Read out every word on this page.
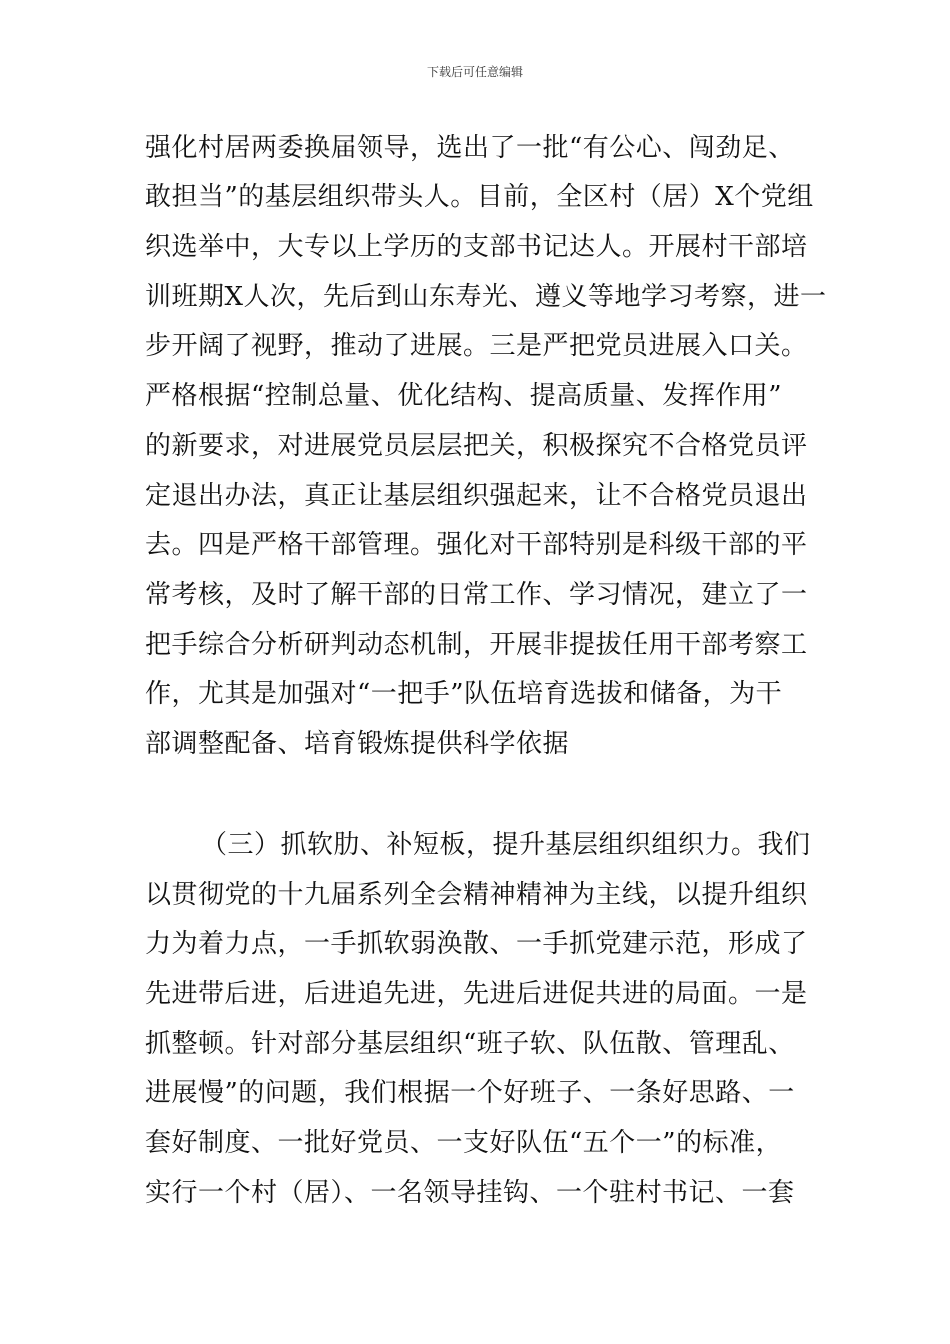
下载后可任意编辑
强化村居两委换届领导，选出了一批“有公心、闯劲足、
敢担当”的基层组织带头人。目前，全区村（居）X个党组
织选举中，大专以上学历的支部书记达人。开展村干部培
训班期X人次，先后到山东寿光、遵义等地学习考察，进一
步开阔了视野，推动了进展。三是严把党员进展入口关。
严格根据“控制总量、优化结构、提高质量、发挥作用”
的新要求，对进展党员层层把关，积极探究不合格党员评
定退出办法，真正让基层组织强起来，让不合格党员退出
去。四是严格干部管理。强化对干部特别是科级干部的平
常考核，及时了解干部的日常工作、学习情况，建立了一
把手综合分析研判动态机制，开展非提拔任用干部考察工
作，尤其是加强对“一把手”队伍培育选拔和储备，为干
部调整配备、培育锻炼提供科学依据
（三）抓软肋、补短板，提升基层组织组织力。我们
以贯彻党的十九届系列全会精神精神为主线，以提升组织
力为着力点，一手抓软弱涣散、一手抓党建示范，形成了
先进带后进，后进追先进，先进后进促共进的局面。一是
抓整顿。针对部分基层组织“班子软、队伍散、管理乱、
进展慢”的问题，我们根据一个好班子、一条好思路、一
套好制度、一批好党员、一支好队伍“五个一”的标准，
实行一个村（居）、一名领导挂钩、一个驻村书记、一套
